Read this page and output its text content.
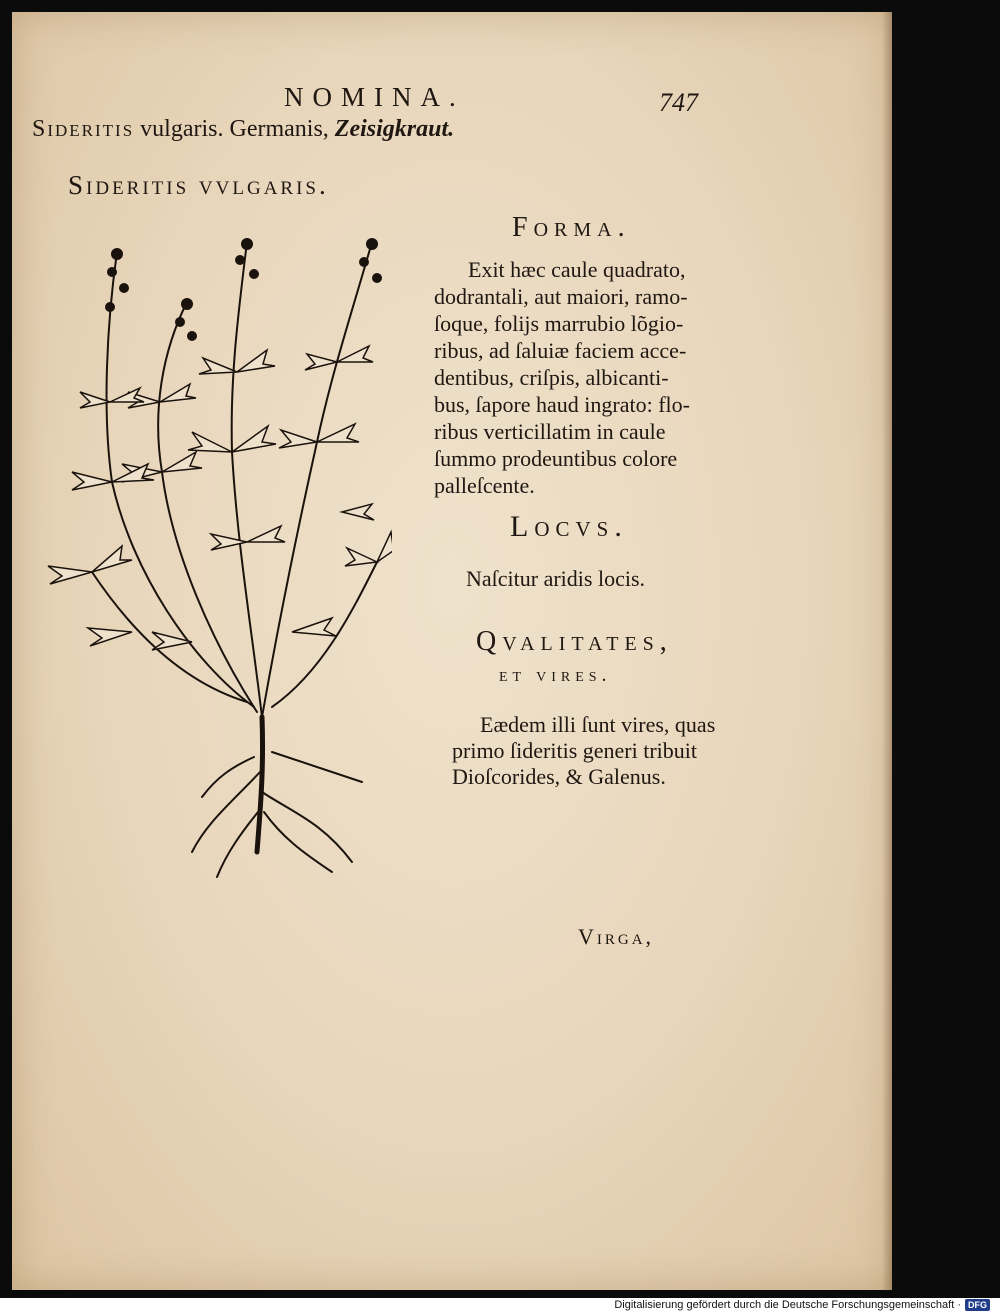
NOMINA.	747
Sideritis vulgaris. Germanis, Zeisigkraut.
Sideritis vvlgaris.
Forma.
Exit hæc caule quadrato,
dodrantali, aut maiori, ramo-
ſoque, folijs marrubio lõgio-
ribus, ad ſaluiæ faciem acce-
dentibus, criſpis, albicanti-
bus, ſapore haud ingrato: flo-
ribus verticillatim in caule
ſummo prodeuntibus colore
palleſcente.
Locvs.
Naſcitur aridis locis.
Qvalitates,
et vires.
Eædem illi ſunt vires, quas
primo ſideritis generi tribuit
Dioſcorides, & Galenus.
Virga,
Digitalisierung gefördert durch die Deutsche Forschungsgemeinschaft · DFG
